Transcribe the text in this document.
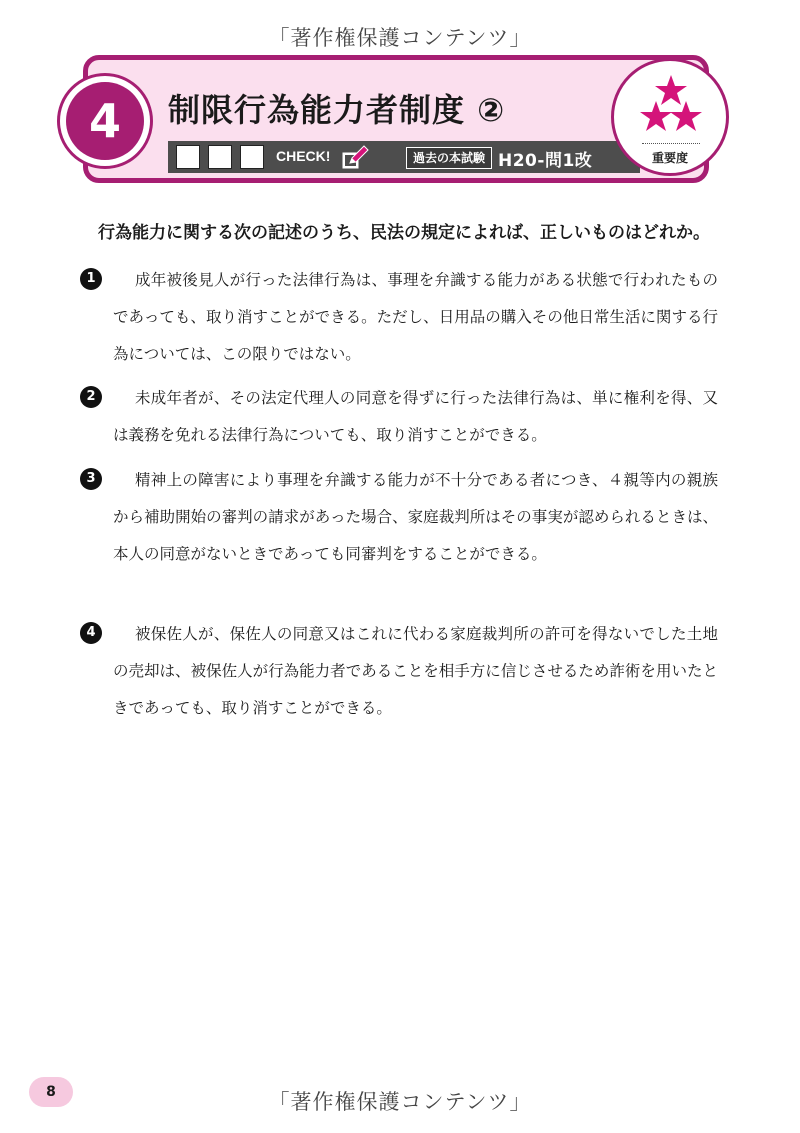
「著作権保護コンテンツ」
4	制限行為能力者制度 ②
CHECK!	過去の本試験 H20-問1改	重要度
行為能力に関する次の記述のうち、民法の規定によれば、正しいものはどれか。
1	成年被後見人が行った法律行為は、事理を弁識する能力がある状態で行われたものであっても、取り消すことができる。ただし、日用品の購入その他日常生活に関する行為については、この限りではない。
2	未成年者が、その法定代理人の同意を得ずに行った法律行為は、単に権利を得、又は義務を免れる法律行為についても、取り消すことができる。
3	精神上の障害により事理を弁識する能力が不十分である者につき、４親等内の親族から補助開始の審判の請求があった場合、家庭裁判所はその事実が認められるときは、本人の同意がないときであっても同審判をすることができる。
4	被保佐人が、保佐人の同意又はこれに代わる家庭裁判所の許可を得ないでした土地の売却は、被保佐人が行為能力者であることを相手方に信じさせるため詐術を用いたときであっても、取り消すことができる。
8	「著作権保護コンテンツ」
